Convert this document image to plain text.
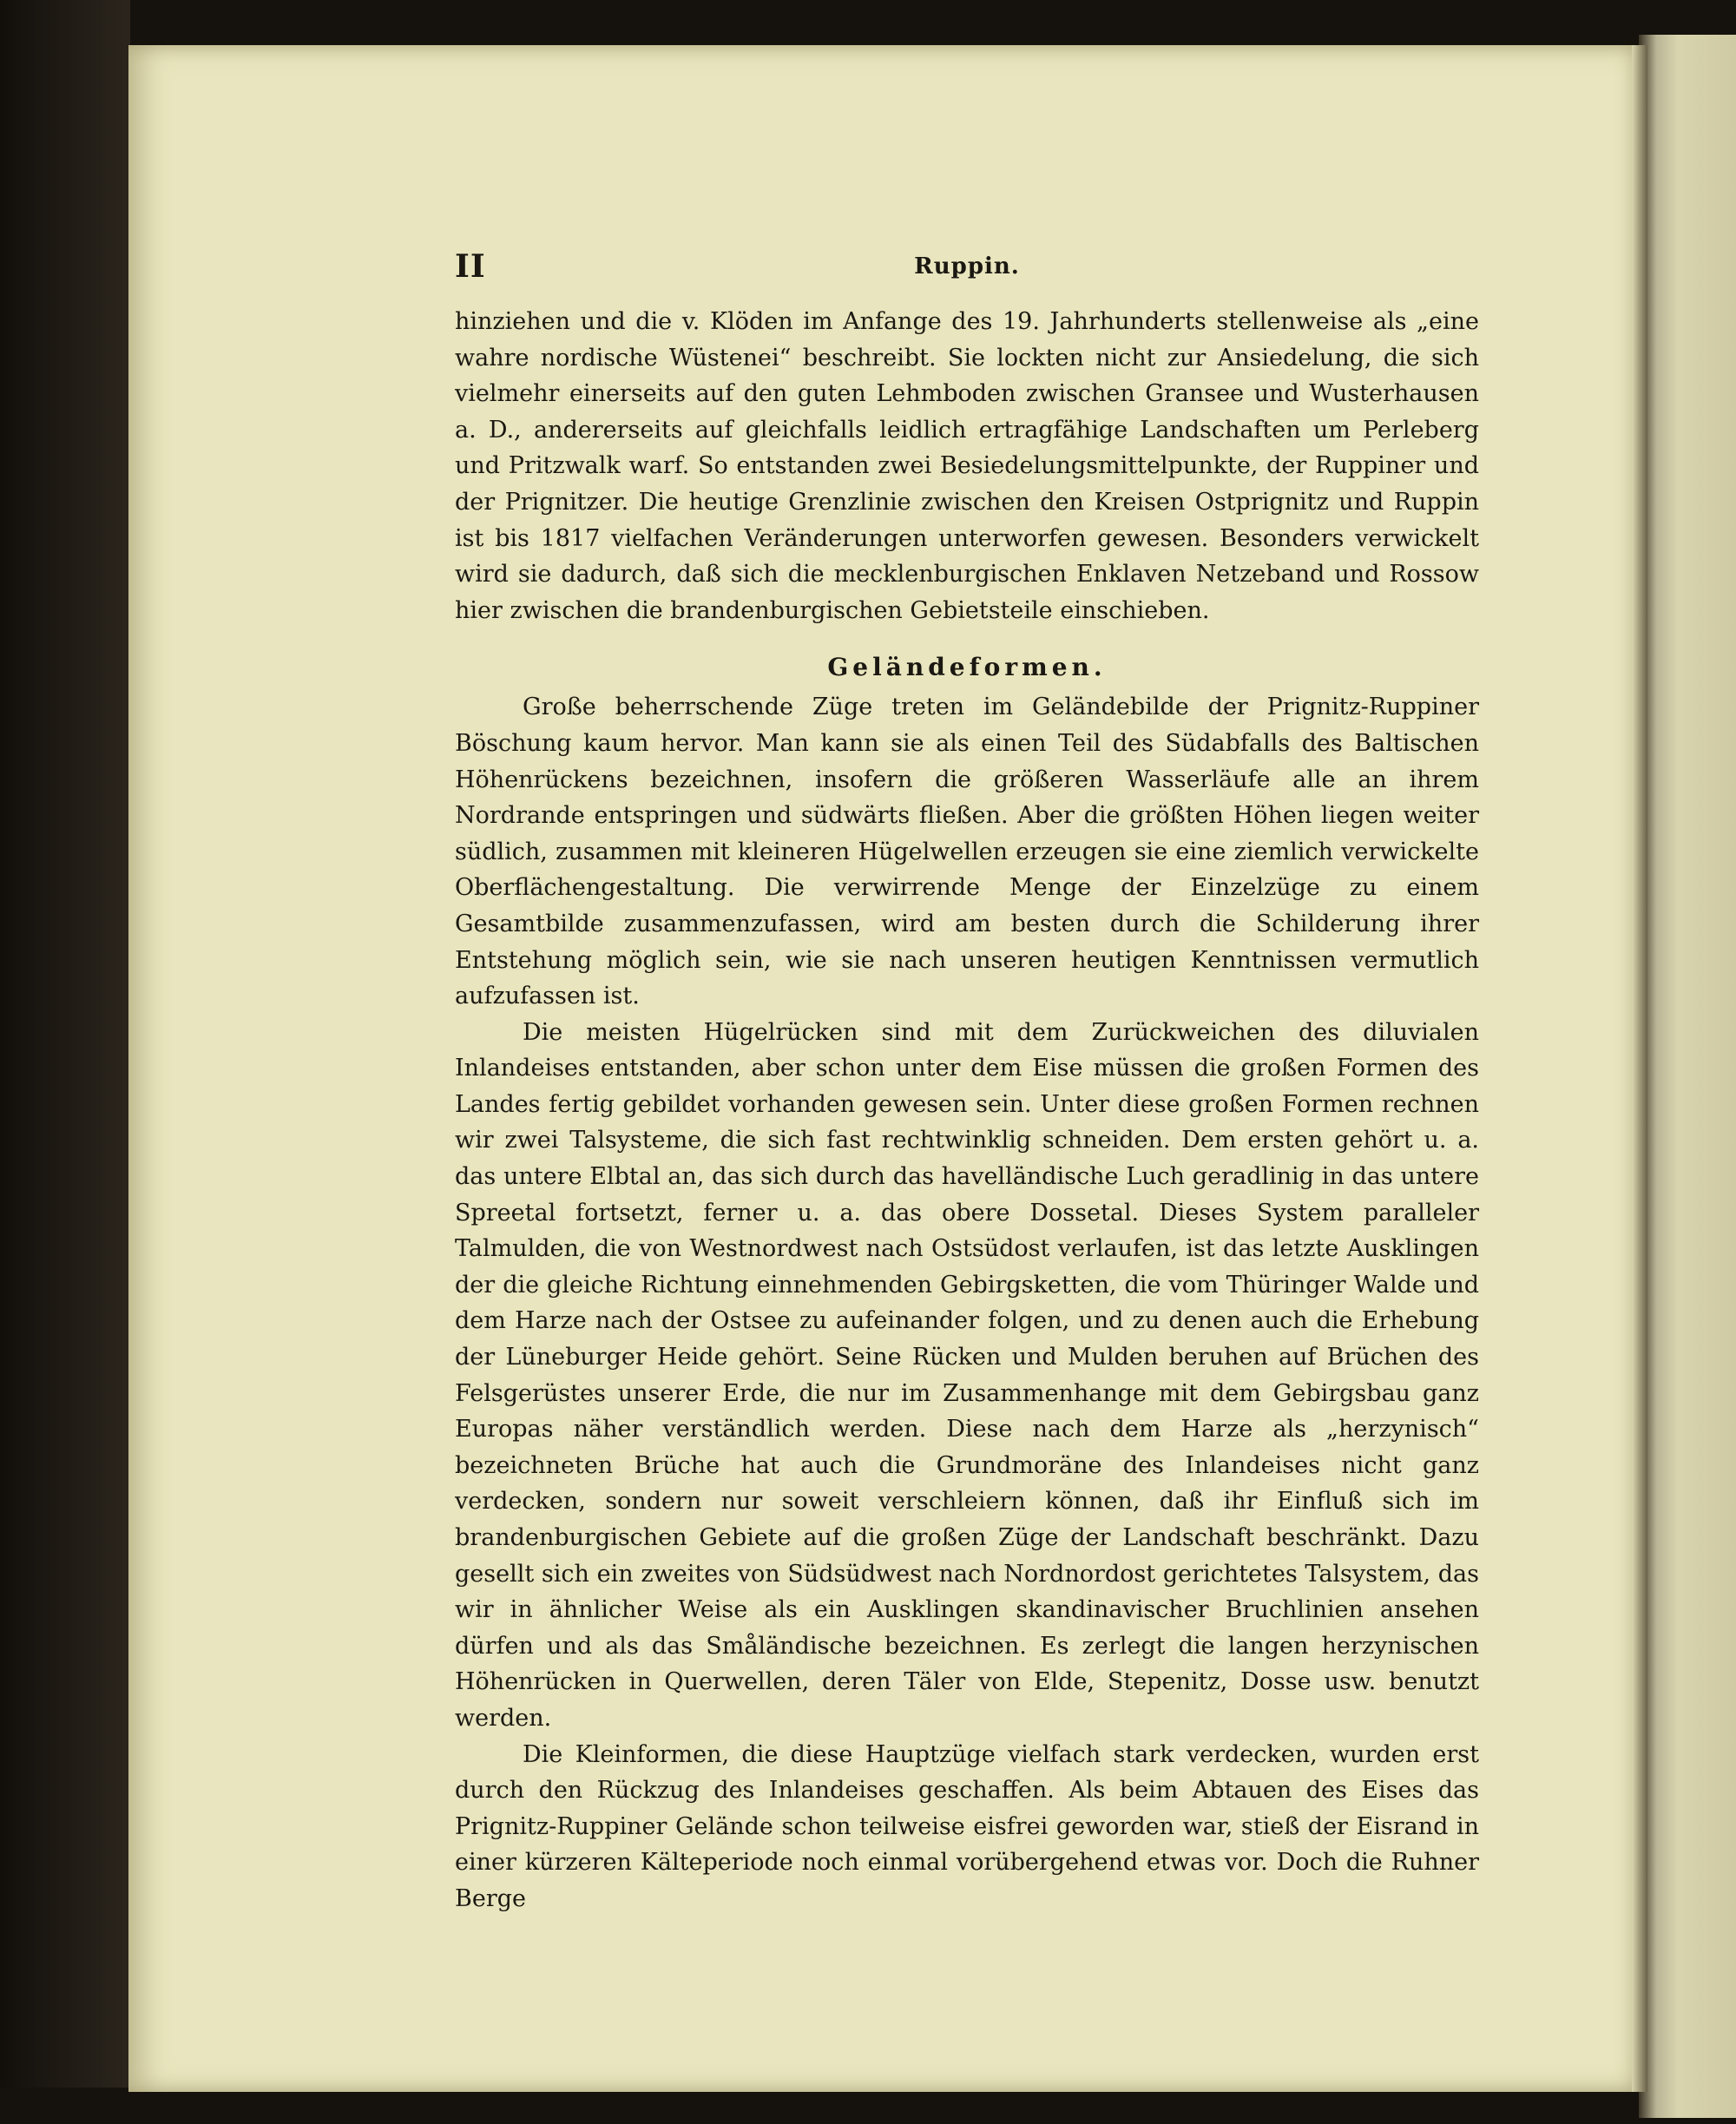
II	Ruppin.

hinziehen und die v. Klöden im Anfange des 19. Jahrhunderts stellenweise als „eine wahre nordische Wüstenei“ beschreibt. Sie lockten nicht zur Ansiedelung, die sich vielmehr einerseits auf den guten Lehmboden zwischen Gransee und Wusterhausen a. D., andererseits auf gleichfalls leidlich ertragfähige Landschaften um Perleberg und Pritzwalk warf. So entstanden zwei Besiedelungsmittelpunkte, der Ruppiner und der Prignitzer. Die heutige Grenzlinie zwischen den Kreisen Ostprignitz und Ruppin ist bis 1817 vielfachen Veränderungen unterworfen gewesen. Besonders verwickelt wird sie dadurch, daß sich die mecklenburgischen Enklaven Netzeband und Rossow hier zwischen die brandenburgischen Gebietsteile einschieben.

Geländeformen.

Große beherrschende Züge treten im Geländebilde der Prignitz-Ruppiner Böschung kaum hervor. Man kann sie als einen Teil des Südabfalls des Baltischen Höhenrückens bezeichnen, insofern die größeren Wasserläufe alle an ihrem Nordrande entspringen und südwärts fließen. Aber die größten Höhen liegen weiter südlich, zusammen mit kleineren Hügelwellen erzeugen sie eine ziemlich verwickelte Oberflächengestaltung. Die verwirrende Menge der Einzelzüge zu einem Gesamtbilde zusammenzufassen, wird am besten durch die Schilderung ihrer Entstehung möglich sein, wie sie nach unseren heutigen Kenntnissen vermutlich aufzufassen ist.

Die meisten Hügelrücken sind mit dem Zurückweichen des diluvialen Inlandeises entstanden, aber schon unter dem Eise müssen die großen Formen des Landes fertig gebildet vorhanden gewesen sein. Unter diese großen Formen rechnen wir zwei Talsysteme, die sich fast rechtwinklig schneiden. Dem ersten gehört u. a. das untere Elbtal an, das sich durch das havelländische Luch geradlinig in das untere Spreetal fortsetzt, ferner u. a. das obere Dossetal. Dieses System paralleler Talmulden, die von Westnordwest nach Ostsüdost verlaufen, ist das letzte Ausklingen der die gleiche Richtung einnehmenden Gebirgsketten, die vom Thüringer Walde und dem Harze nach der Ostsee zu aufeinander folgen, und zu denen auch die Erhebung der Lüneburger Heide gehört. Seine Rücken und Mulden beruhen auf Brüchen des Felsgerüstes unserer Erde, die nur im Zusammenhange mit dem Gebirgsbau ganz Europas näher verständlich werden. Diese nach dem Harze als „herzynisch“ bezeichneten Brüche hat auch die Grundmoräne des Inlandeises nicht ganz verdecken, sondern nur soweit verschleiern können, daß ihr Einfluß sich im brandenburgischen Gebiete auf die großen Züge der Landschaft beschränkt. Dazu gesellt sich ein zweites von Südsüdwest nach Nordnordost gerichtetes Talsystem, das wir in ähnlicher Weise als ein Ausklingen skandinavischer Bruchlinien ansehen dürfen und als das Småländische bezeichnen. Es zerlegt die langen herzynischen Höhenrücken in Querwellen, deren Täler von Elde, Stepenitz, Dosse usw. benutzt werden.

Die Kleinformen, die diese Hauptzüge vielfach stark verdecken, wurden erst durch den Rückzug des Inlandeises geschaffen. Als beim Abtauen des Eises das Prignitz-Ruppiner Gelände schon teilweise eisfrei geworden war, stieß der Eisrand in einer kürzeren Kälteperiode noch einmal vorübergehend etwas vor. Doch die Ruhner Berge
